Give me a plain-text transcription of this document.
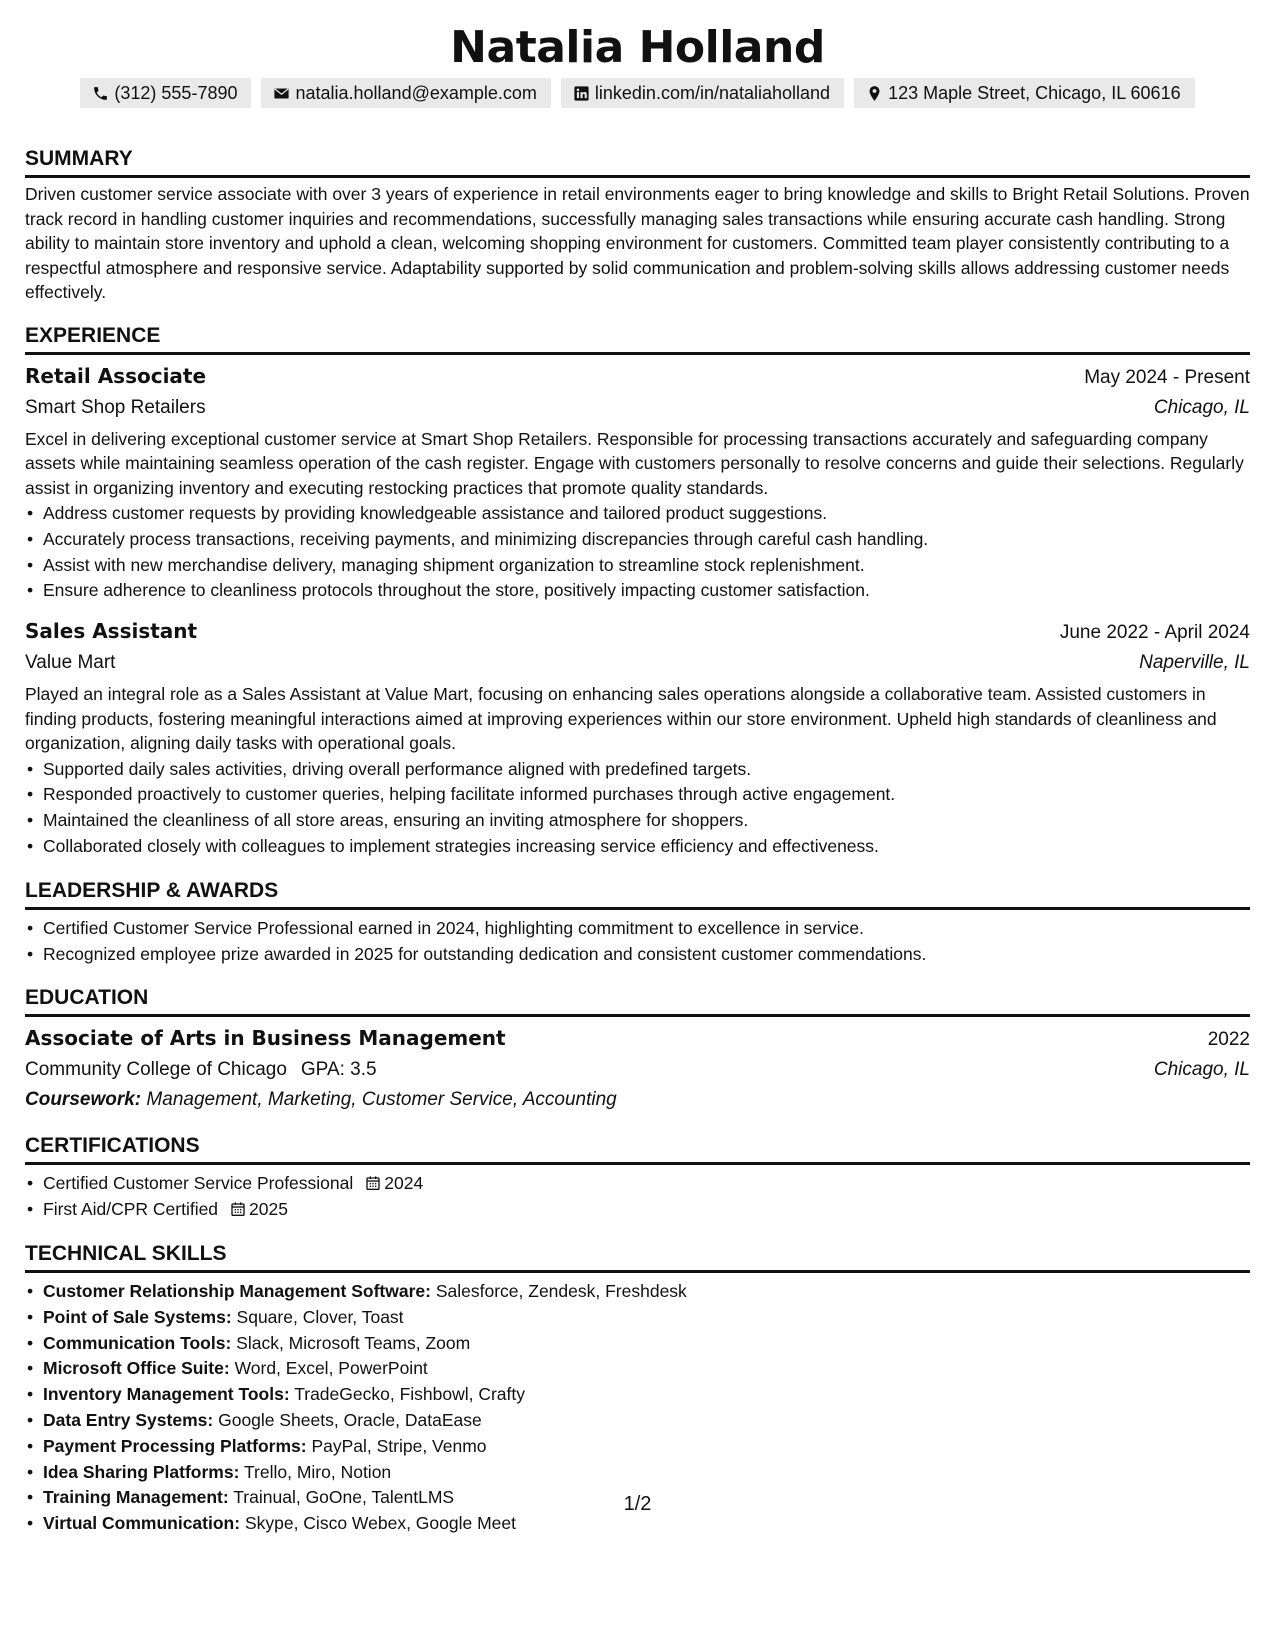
Natalia Holland
(312) 555-7890	natalia.holland@example.com	linkedin.com/in/nataliaholland	123 Maple Street, Chicago, IL 60616
SUMMARY

Driven customer service associate with over 3 years of experience in retail environments eager to bring knowledge and skills to Bright Retail Solutions. Proven track record in handling customer inquiries and recommendations, successfully managing sales transactions while ensuring accurate cash handling. Strong ability to maintain store inventory and uphold a clean, welcoming shopping environment for customers. Committed team player consistently contributing to a respectful atmosphere and responsive service. Adaptability supported by solid communication and problem-solving skills allows addressing customer needs effectively.

EXPERIENCE
Retail Associate	May 2024 - Present
Smart Shop Retailers	Chicago, IL

Excel in delivering exceptional customer service at Smart Shop Retailers. Responsible for processing transactions accurately and safeguarding company assets while maintaining seamless operation of the cash register. Engage with customers personally to resolve concerns and guide their selections. Regularly assist in organizing inventory and executing restocking practices that promote quality standards.

• Address customer requests by providing knowledgeable assistance and tailored product suggestions.
• Accurately process transactions, receiving payments, and minimizing discrepancies through careful cash handling.
• Assist with new merchandise delivery, managing shipment organization to streamline stock replenishment.
• Ensure adherence to cleanliness protocols throughout the store, positively impacting customer satisfaction.
Sales Assistant	June 2022 - April 2024
Value Mart	Naperville, IL

Played an integral role as a Sales Assistant at Value Mart, focusing on enhancing sales operations alongside a collaborative team. Assisted customers in finding products, fostering meaningful interactions aimed at improving experiences within our store environment. Upheld high standards of cleanliness and organization, aligning daily tasks with operational goals.

• Supported daily sales activities, driving overall performance aligned with predefined targets.
• Responded proactively to customer queries, helping facilitate informed purchases through active engagement.
• Maintained the cleanliness of all store areas, ensuring an inviting atmosphere for shoppers.
• Collaborated closely with colleagues to implement strategies increasing service efficiency and effectiveness.
LEADERSHIP & AWARDS
• Certified Customer Service Professional earned in 2024, highlighting commitment to excellence in service.
• Recognized employee prize awarded in 2025 for outstanding dedication and consistent customer commendations.
EDUCATION
Associate of Arts in Business Management	2022
Community College of Chicago GPA: 3.5	Chicago, IL
Coursework: Management, Marketing, Customer Service, Accounting
CERTIFICATIONS
• Certified Customer Service Professional 2024
• First Aid/CPR Certified 2025
TECHNICAL SKILLS
• Customer Relationship Management Software: Salesforce, Zendesk, Freshdesk
• Point of Sale Systems: Square, Clover, Toast
• Communication Tools: Slack, Microsoft Teams, Zoom
• Microsoft Office Suite: Word, Excel, PowerPoint
• Inventory Management Tools: TradeGecko, Fishbowl, Crafty
• Data Entry Systems: Google Sheets, Oracle, DataEase
• Payment Processing Platforms: PayPal, Stripe, Venmo
• Idea Sharing Platforms: Trello, Miro, Notion
• Training Management: Trainual, GoOne, TalentLMS
• Virtual Communication: Skype, Cisco Webex, Google Meet
1/2
